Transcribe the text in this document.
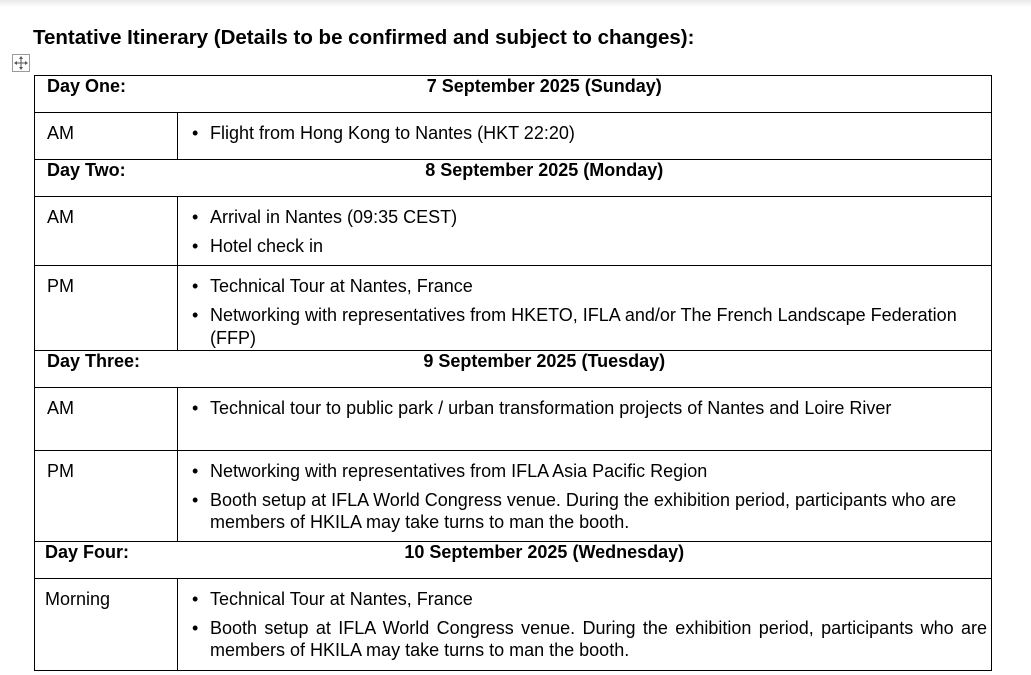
Tentative Itinerary (Details to be confirmed and subject to changes):
Day One:	7 September 2025 (Sunday)
AM	• Flight from Hong Kong to Nantes (HKT 22:20)

Day Two:	8 September 2025 (Monday)
AM	• Arrival in Nantes (09:35 CEST)
• Hotel check in

PM	• Technical Tour at Nantes, France
• Networking with representatives from HKETO, IFLA and/or The French Landscape Federation (FFP)

Day Three:	9 September 2025 (Tuesday)
AM	• Technical tour to public park / urban transformation projects of Nantes and Loire River

PM	• Networking with representatives from IFLA Asia Pacific Region
• Booth setup at IFLA World Congress venue. During the exhibition period, participants who are members of HKILA may take turns to man the booth.

Day Four:	10 September 2025 (Wednesday)
Morning	• Technical Tour at Nantes, France
• Booth setup at IFLA World Congress venue. During the exhibition period, participants who are members of HKILA may take turns to man the booth.
